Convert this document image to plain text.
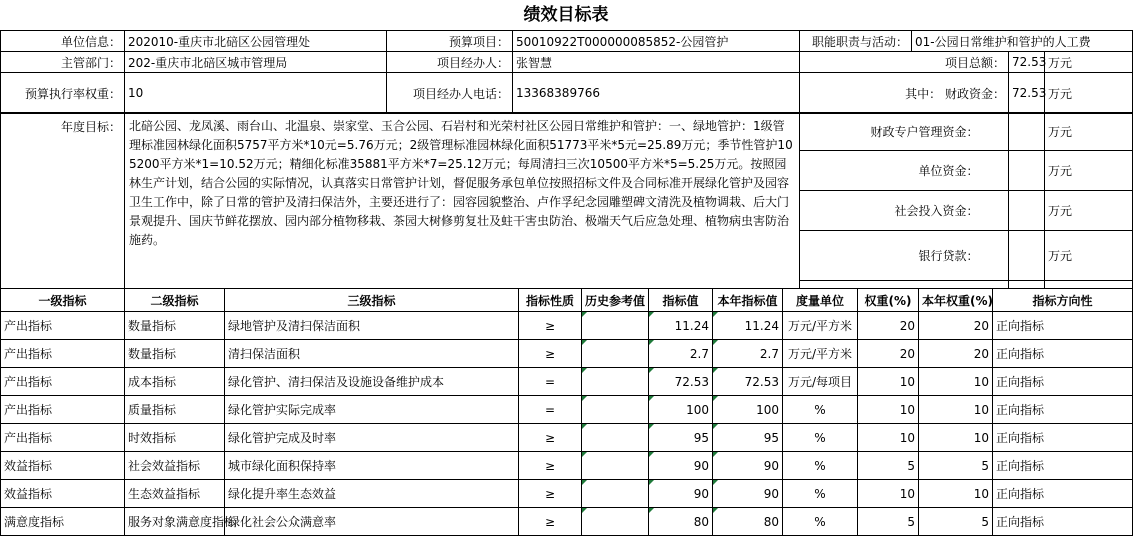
绩效目标表
单位信息：	202010-重庆市北碚区公园管理处	预算项目：	50010922T000000085852-公园管护	职能职责与活动：	01-公园日常维护和管护的人工费		
主管部门：	202-重庆市北碚区城市管理局	项目经办人：	张智慧	项目总额：		72.53	万元
预算执行率权重：	10	项目经办人电话：	13368389766	其中： 财政资金：		72.53	万元
年度目标：	北碚公园、龙凤溪、雨台山、北温泉、崇家堂、玉合公园、石岩村和光荣村社区公园日常维护和管护：一、绿地管护：1级管理标准园林绿化面积5757平方米*10元=5.76万元；2级管理标准园林绿化面积51773平米*5元=25.89万元；季节性管护105200平方米*1=10.52万元；精细化标准35881平方米*7=25.12万元；每周清扫三次10500平方米*5=5.25万元。按照园林生产计划，结合公园的实际情况，认真落实日常管护计划，督促服务承包单位按照招标文件及合同标准开展绿化管护及园容卫生工作中，除了日常的管护及清扫保洁外，主要还进行了：园容园貌整治、卢作孚纪念园雕塑碑文清洗及植物调栽、后大门景观提升、国庆节鲜花摆放、园内部分植物移栽、茶园大树修剪复壮及蛀干害虫防治、极端天气后应急处理、植物病虫害防治施药。	财政专户管理资金：			万元
		单位资金：			万元
		社会投入资金：			万元
		银行贷款：			万元

一级指标	二级指标	三级指标	指标性质	历史参考值	指标值	本年指标值	度量单位	权重(%)	本年权重(%)	指标方向性
产出指标	数量指标	绿地管护及清扫保洁面积	≥		11.24	11.24	万元/平方米	20	20	正向指标
产出指标	数量指标	清扫保洁面积	≥		2.7	2.7	万元/平方米	20	20	正向指标
产出指标	成本指标	绿化管护、清扫保洁及设施设备维护成本	=		72.53	72.53	万元/每项目	10	10	正向指标
产出指标	质量指标	绿化管护实际完成率	=		100	100	%	10	10	正向指标
产出指标	时效指标	绿化管护完成及时率	≥		95	95	%	10	10	正向指标
效益指标	社会效益指标	城市绿化面积保持率	≥		90	90	%	5	5	正向指标
效益指标	生态效益指标	绿化提升率生态效益	≥		90	90	%	10	10	正向指标
满意度指标	服务对象满意度指标	绿化社会公众满意率	≥		80	80	%	5	5	正向指标
